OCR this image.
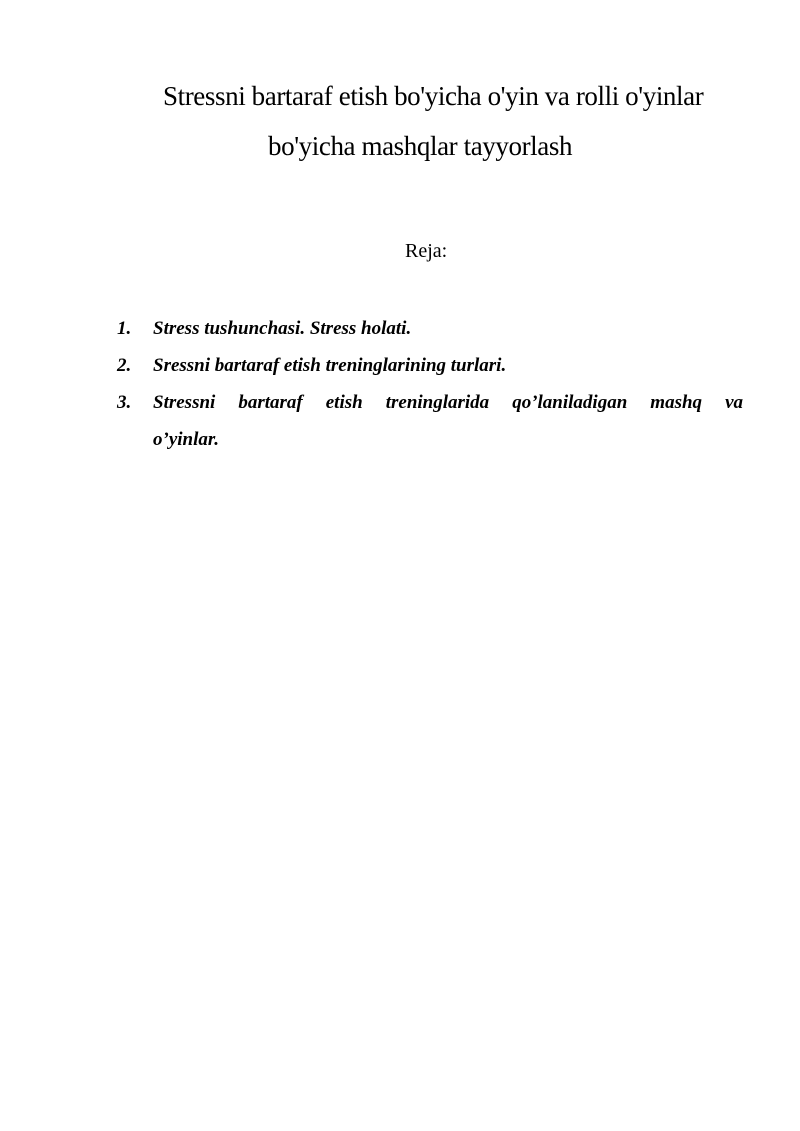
Stressni bartaraf etish bo'yicha o'yin va rolli o'yinlar
bo'yicha mashqlar tayyorlash
Reja:
1. Stress tushunchasi. Stress holati.
2. Sressni bartaraf etish treninglarining turlari.
3. Stressni bartaraf etish treninglarida qo’laniladigan mashq va
o’yinlar.
